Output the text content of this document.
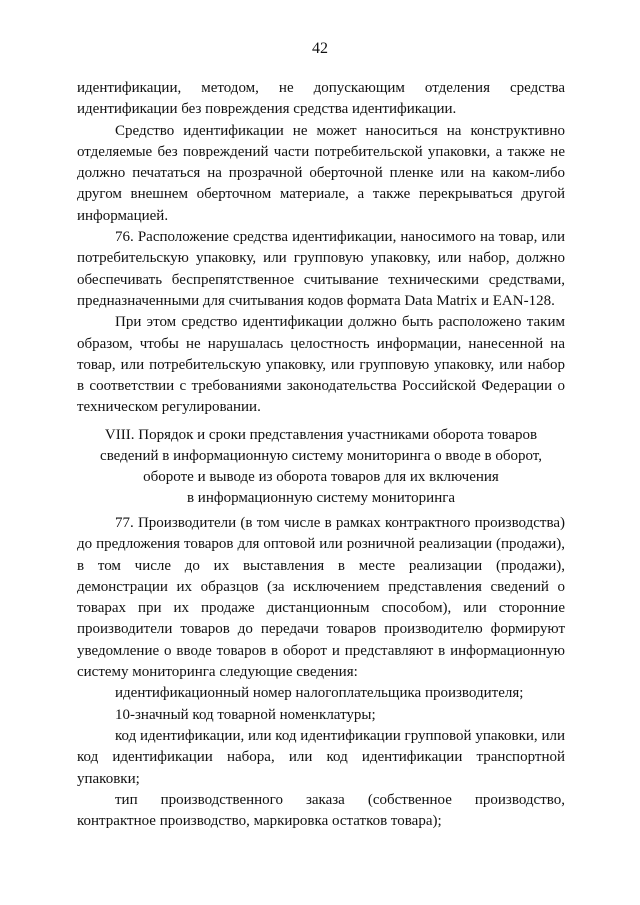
42

идентификации, методом, не допускающим отделения средства идентификации без повреждения средства идентификации.

Средство идентификации не может наноситься на конструктивно отделяемые без повреждений части потребительской упаковки, а также не должно печататься на прозрачной оберточной пленке или на каком-либо другом внешнем оберточном материале, а также перекрываться другой информацией.

76. Расположение средства идентификации, наносимого на товар, или потребительскую упаковку, или групповую упаковку, или набор, должно обеспечивать беспрепятственное считывание техническими средствами, предназначенными для считывания кодов формата Data Matrix и EAN-128.

При этом средство идентификации должно быть расположено таким образом, чтобы не нарушалась целостность информации, нанесенной на товар, или потребительскую упаковку, или групповую упаковку, или набор в соответствии с требованиями законодательства Российской Федерации о техническом регулировании.

VIII. Порядок и сроки представления участниками оборота товаров

сведений в информационную систему мониторинга о вводе в оборот,

обороте и выводе из оборота товаров для их включения

в информационную систему мониторинга

77. Производители (в том числе в рамках контрактного производства) до предложения товаров для оптовой или розничной реализации (продажи), в том числе до их выставления в месте реализации (продажи), демонстрации их образцов (за исключением представления сведений о товарах при их продаже дистанционным способом), или сторонние производители товаров до передачи товаров производителю формируют уведомление о вводе товаров в оборот и представляют в информационную систему мониторинга следующие сведения:

идентификационный номер налогоплательщика производителя;

10-значный код товарной номенклатуры;

код идентификации, или код идентификации групповой упаковки, или код идентификации набора, или код идентификации транспортной упаковки;

тип производственного заказа (собственное производство, контрактное производство, маркировка остатков товара);
